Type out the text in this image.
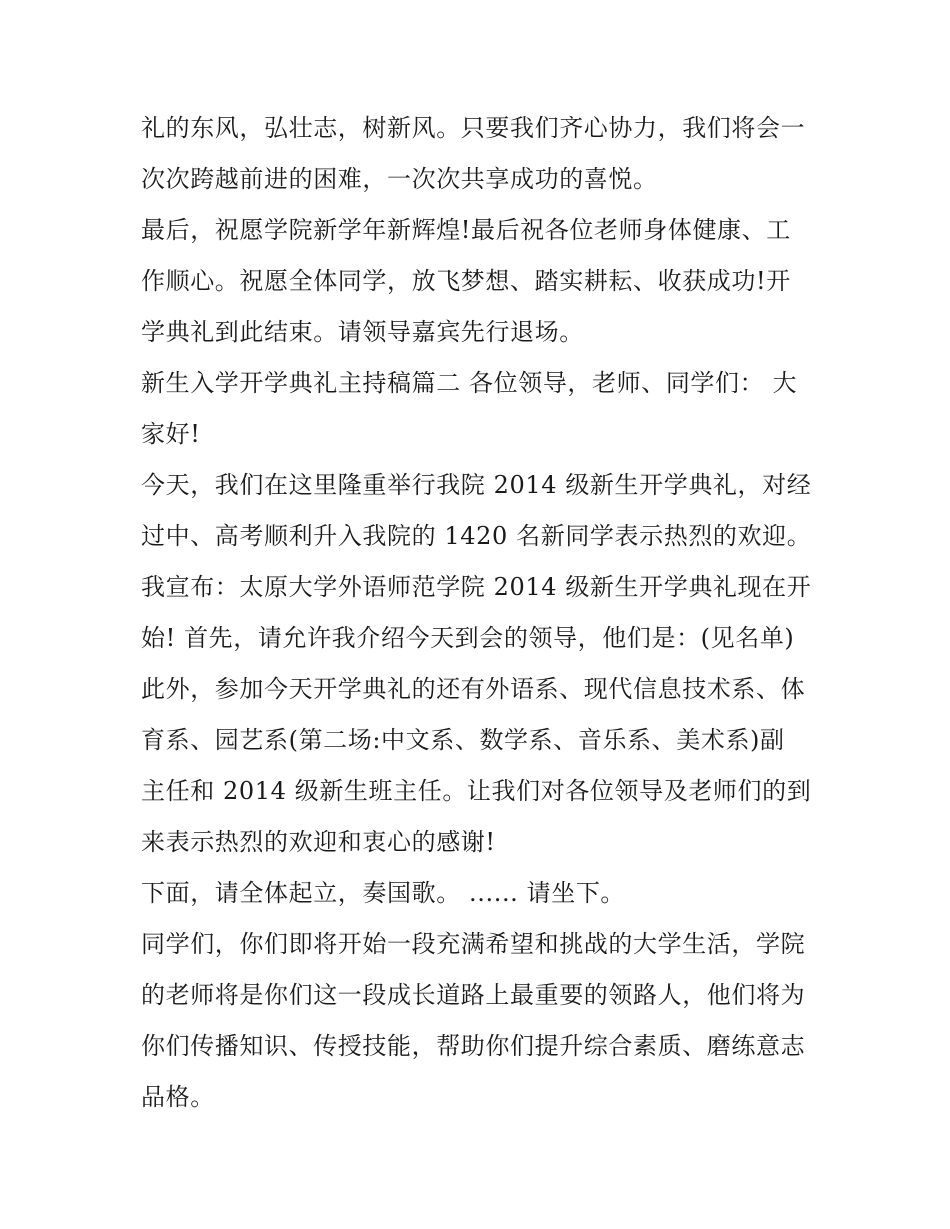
礼的东风，弘壮志，树新风。只要我们齐心协力，我们将会一
次次跨越前进的困难，一次次共享成功的喜悦。
最后，祝愿学院新学年新辉煌!最后祝各位老师身体健康、工
作顺心。祝愿全体同学，放飞梦想、踏实耕耘、收获成功!开
学典礼到此结束。请领导嘉宾先行退场。
新生入学开学典礼主持稿篇二 各位领导，老师、同学们： 大
家好!
今天，我们在这里隆重举行我院 2014 级新生开学典礼，对经
过中、高考顺利升入我院的 1420 名新同学表示热烈的欢迎。
我宣布：太原大学外语师范学院 2014 级新生开学典礼现在开
始! 首先，请允许我介绍今天到会的领导，他们是：(见名单)
此外，参加今天开学典礼的还有外语系、现代信息技术系、体
育系、园艺系(第二场:中文系、数学系、音乐系、美术系)副
主任和 2014 级新生班主任。让我们对各位领导及老师们的到
来表示热烈的欢迎和衷心的感谢!
下面，请全体起立，奏国歌。 ...... 请坐下。
同学们，你们即将开始一段充满希望和挑战的大学生活，学院
的老师将是你们这一段成长道路上最重要的领路人，他们将为
你们传播知识、传授技能，帮助你们提升综合素质、磨练意志
品格。
